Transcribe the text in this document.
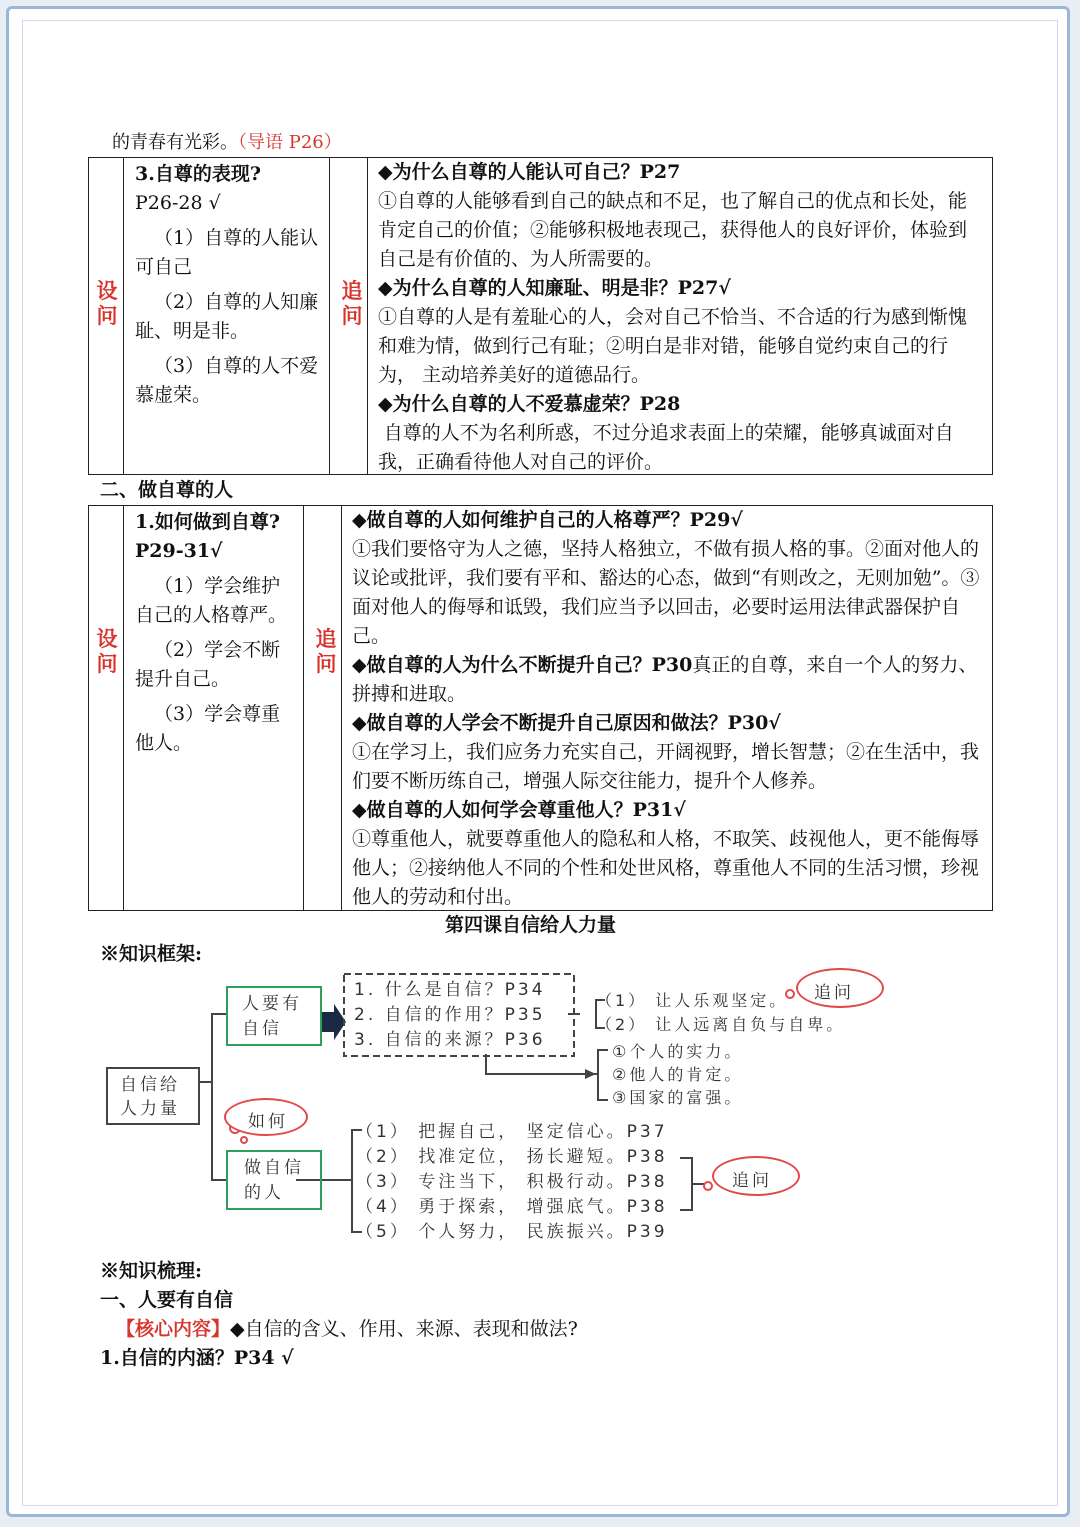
的青春有光彩。（导语 P26）
设
问
追
问

3.自尊的表现?

P26-28 √

（1）自尊的人能认可自己

（2）自尊的人知廉耻、明是非。

（3）自尊的人不爱慕虚荣。

◆为什么自尊的人能认可自己？P27

①自尊的人能够看到自己的缺点和不足，也了解自己的优点和长处，能肯定自己的价值；②能够积极地表现己，获得他人的良好评价，体验到自己是有价值的、为人所需要的。

◆为什么自尊的人知廉耻、明是非？P27√

①自尊的人是有羞耻心的人，会对自己不恰当、不合适的行为感到惭愧和难为情，做到行己有耻；②明白是非对错，能够自觉约束自己的行为， 主动培养美好的道德品行。

◆为什么自尊的人不爱慕虚荣？P28

自尊的人不为名利所惑，不过分追求表面上的荣耀，能够真诚面对自我，正确看待他人对自己的评价。

二、做自尊的人
设
问
追
问

1.如何做到自尊?P29-31√

（1）学会维护自己的人格尊严。

（2）学会不断提升自己。

（3）学会尊重他人。

◆做自尊的人如何维护自己的人格尊严？P29√

①我们要恪守为人之德，坚持人格独立，不做有损人格的事。②面对他人的议论或批评，我们要有平和、豁达的心态，做到“有则改之，无则加勉”。③面对他人的侮辱和诋毁，我们应当予以回击，必要时运用法律武器保护自己。

◆做自尊的人为什么不断提升自己？P30真正的自尊，来自一个人的努力、拼搏和进取。

◆做自尊的人学会不断提升自己原因和做法？P30√

①在学习上，我们应务力充实自己，开阔视野，增长智慧；②在生活中，我们要不断历练自己，增强人际交往能力，提升个人修养。

◆做自尊的人如何学会尊重他人？P31√

①尊重他人，就要尊重他人的隐私和人格，不取笑、歧视他人，更不能侮辱他人；②接纳他人不同的个性和处世风格，尊重他人不同的生活习惯，珍视他人的劳动和付出。

第四课自信给人力量
※知识框架:
自信给人力量
人要有自信
做自信的人
1. 什么是自信？P34
2. 自信的作用？P35
3. 自信的来源？P36
（1） 让人乐观坚定。
（2） 让人远离自负与自卑。
①个人的实力。
②他人的肯定。
③国家的富强。
（1） 把握自己， 坚定信心。P37
（2） 找准定位， 扬长避短。P38
（3） 专注当下， 积极行动。P38
（4） 勇于探索， 增强底气。P38
（5） 个人努力， 民族振兴。P39
追问
如何
追问
※知识梳理:
一、人要有自信
【核心内容】◆自信的含义、作用、来源、表现和做法?
1.自信的内涵？P34 √
